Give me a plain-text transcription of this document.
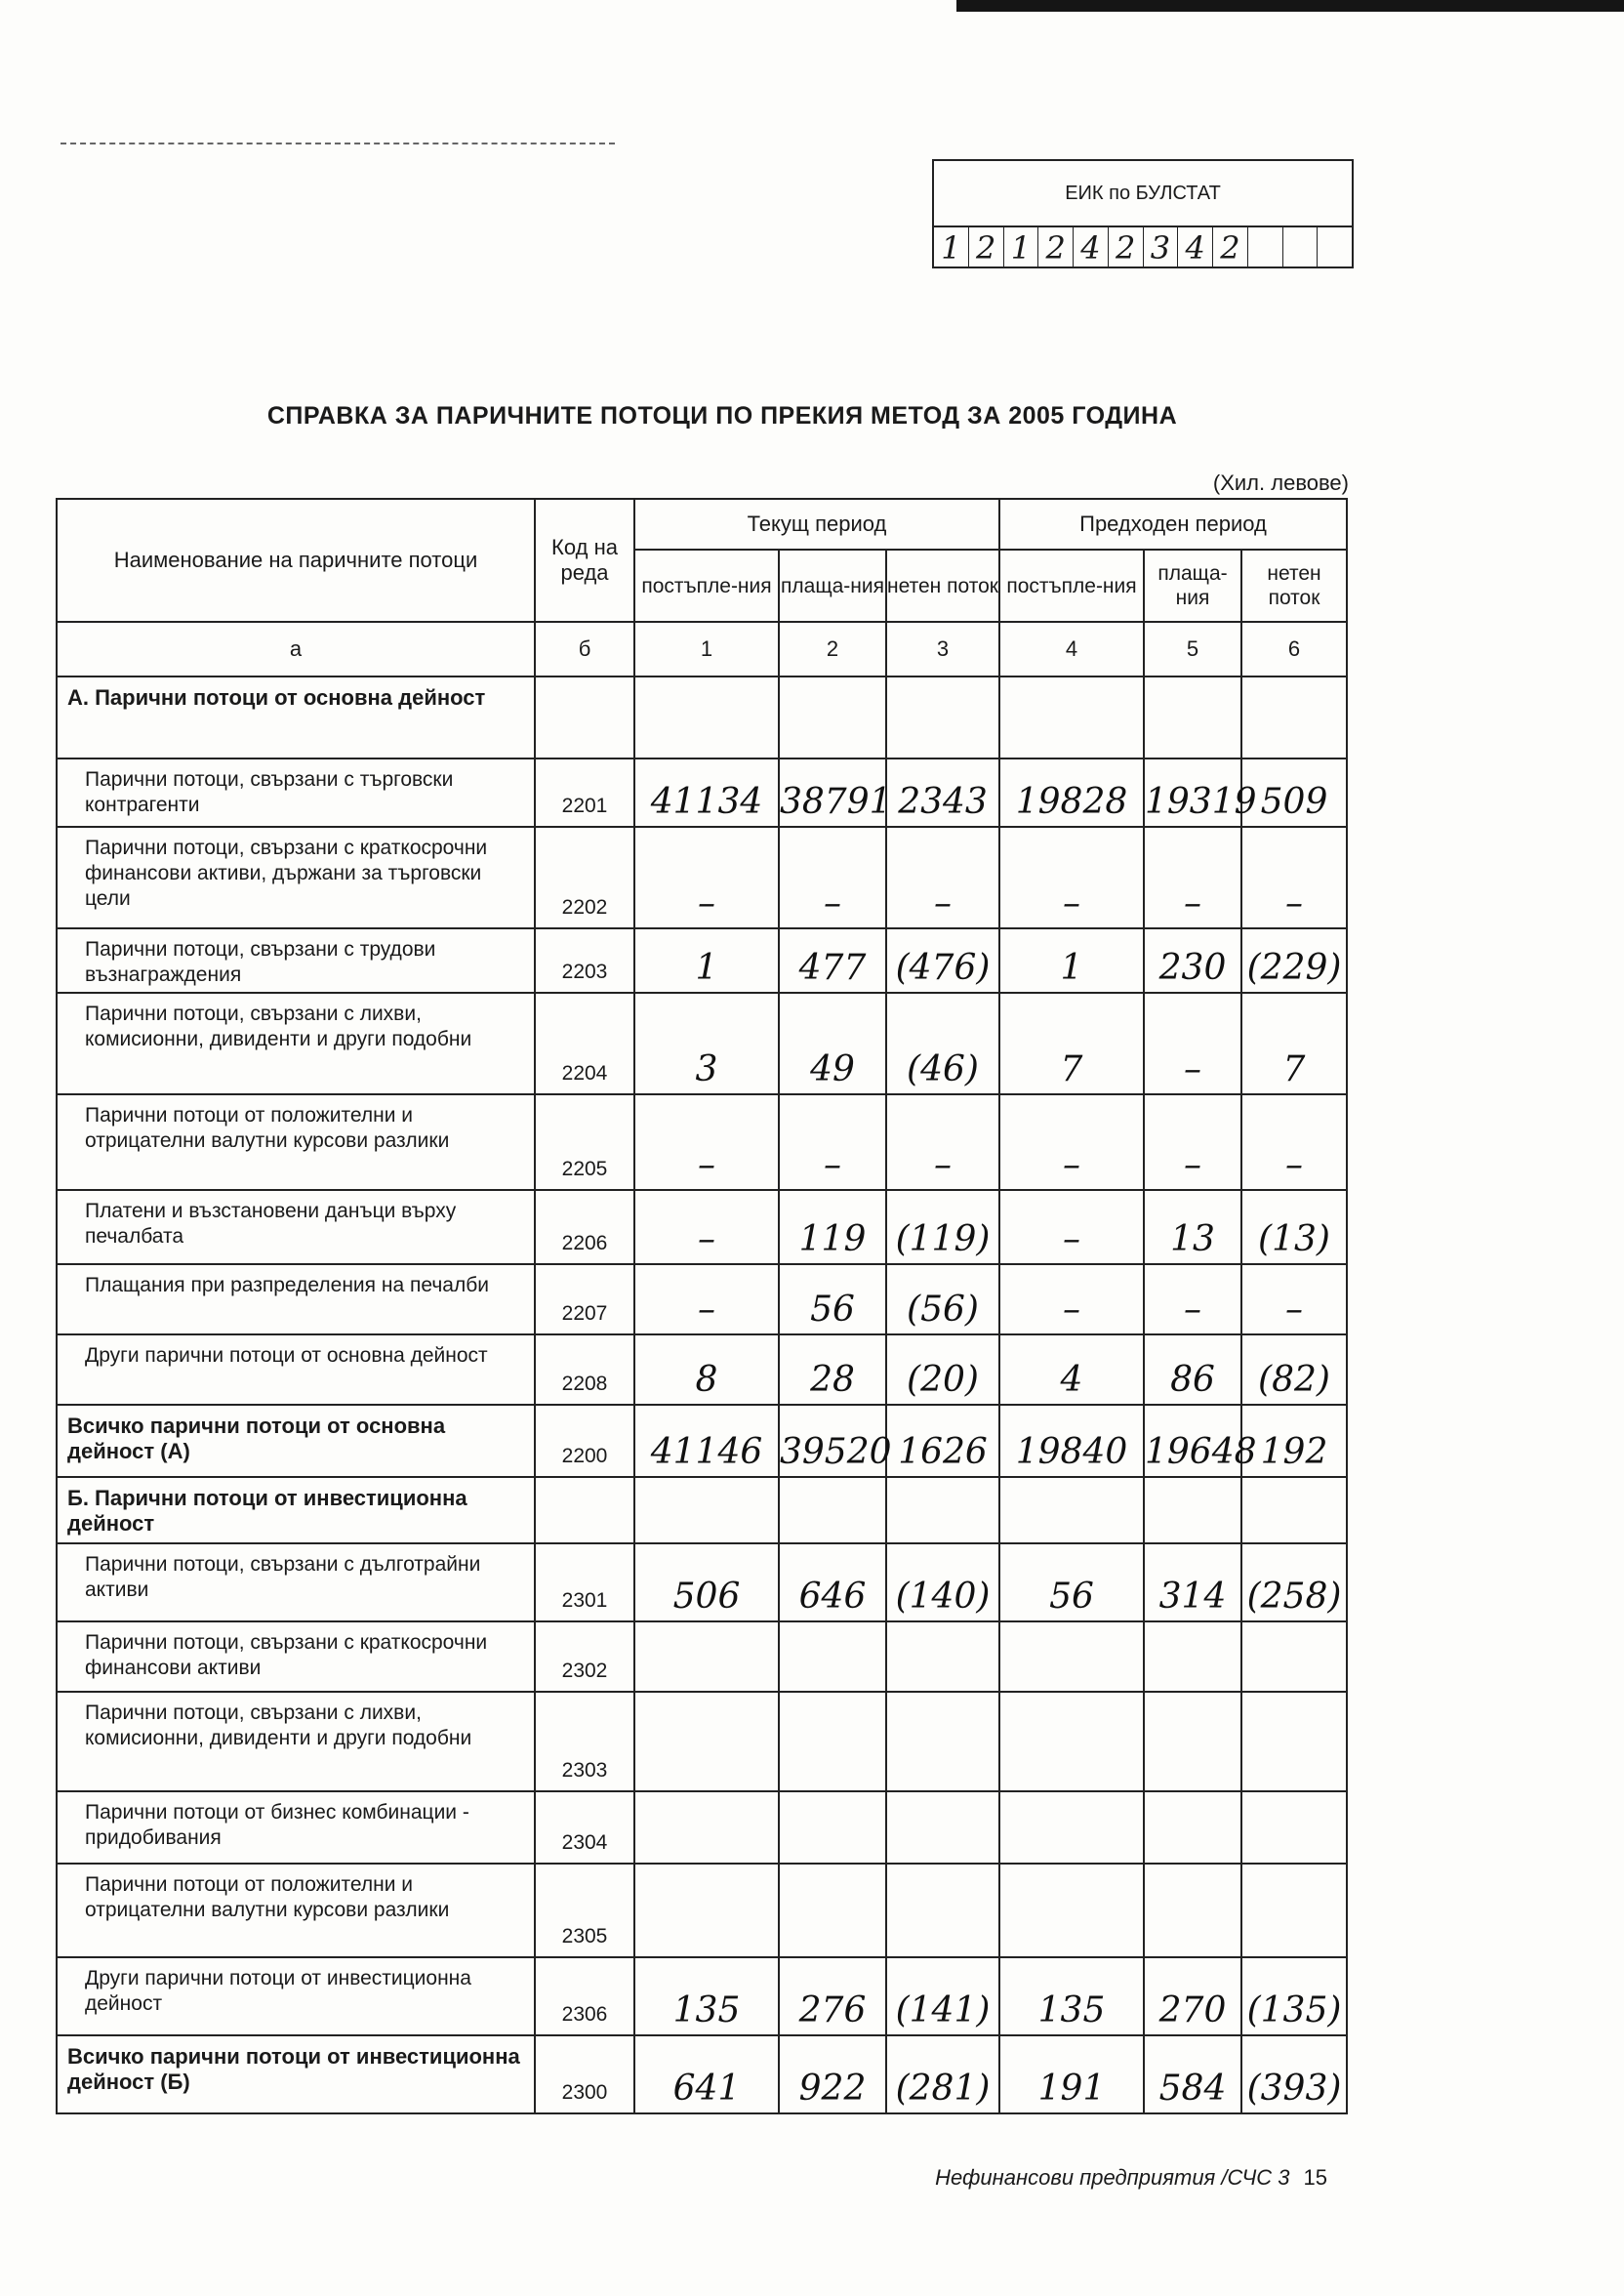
ЕИК по БУЛСТАТ
1 2 1 2 4 2 3 4 2
СПРАВКА ЗА ПАРИЧНИТЕ ПОТОЦИ ПО ПРЕКИЯ МЕТОД ЗА 2005 ГОДИНА
(Хил. левове)
Наименование на паричните потоци	Код на реда	Текущ период			Предходен период		
		постъпле-ния	плаща-ния	нетен поток	постъпле-ния	плаща-ния	нетен поток
а	б	1	2	3	4	5	6
А. Парични потоци от основна дейност							
Парични потоци, свързани с търговски контрагенти	2201	41134	38791	2343	19828	19319	509
Парични потоци, свързани с краткосрочни финансови активи, държани за търговски цели	2202	–	–	–	–	–	–
Парични потоци, свързани с трудови възнаграждения	2203	1	477	(476)	1	230	(229)
Парични потоци, свързани с лихви, комисионни, дивиденти и други подобни	2204	3	49	(46)	7	–	7
Парични потоци от положителни и отрицателни валутни курсови разлики	2205	–	–	–	–	–	–
Платени и възстановени данъци върху печалбата	2206	–	119	(119)	–	13	(13)
Плащания при разпределения на печалби	2207	–	56	(56)	–	–	–
Други парични потоци от основна дейност	2208	8	28	(20)	4	86	(82)
Всичко парични потоци от основна дейност (А)	2200	41146	39520	1626	19840	19648	192
Б. Парични потоци от инвестиционна дейност							
Парични потоци, свързани с дълготрайни активи	2301	506	646	(140)	56	314	(258)
Парични потоци, свързани с краткосрочни финансови активи	2302						
Парични потоци, свързани с лихви, комисионни, дивиденти и други подобни	2303						
Парични потоци от бизнес комбинации - придобивания	2304						
Парични потоци от положителни и отрицателни валутни курсови разлики	2305						
Други парични потоци от инвестиционна дейност	2306	135	276	(141)	135	270	(135)
Всичко парични потоци от инвестиционна дейност (Б)	2300	641	922	(281)	191	584	(393)
Нефинансови предприятия /СЧС 3 15
